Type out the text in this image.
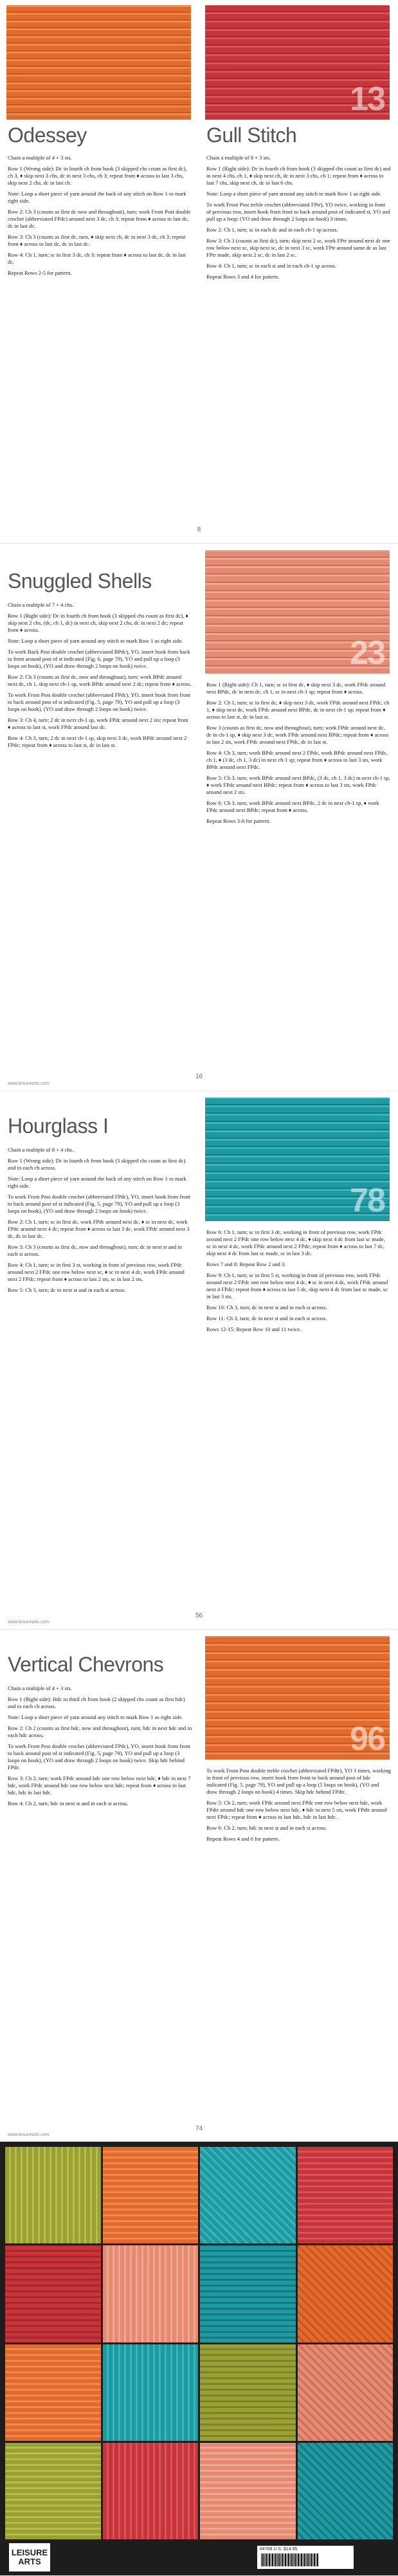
13
Odessey	Gull Stitch

Chain a multiple of 4 + 3 sts.

Row 1 (Wrong side): Dc in fourth ch from hook (3 skipped chs count as first dc), ch 3, ♦ skip next 3 chs, dc in next 3 chs, ch 3; repeat from ♦ across to last 3 chs, skip next 2 chs, dc in last ch.

Note: Loop a short piece of yarn around the back of any stitch on Row 1 to mark right side.

Row 2: Ch 3 (counts as first dc now and throughout), turn; work Front Post double crochet (abbreviated FPdc) around next 3 dc, ch 3; repeat from ♦ across to last dc, dc in last dc.

Row 3: Ch 3 (counts as first dc, turn, ♦ skip next ch, dc in next 3 dc, ch 3; repeat from ♦ across to last dc, dc in last dc.

Row 4: Ch 1, turn; sc in first 3 dc, ch 3; repeat from ♦ across to last dc, dc in last dc.

Repeat Rows 2-5 for pattern.

Chain a multiple of 8 + 3 sts.

Row 1 (Right side): Dc in fourth ch from hook (3 skipped chs count as first dc) and in next 4 chs, ch 1, ♦ skip next ch, dc in next 3 chs, ch 1; repeat from ♦ across to last 7 chs, skip next ch, dc in last 6 chs.

Note: Loop a short piece of yarn around any stitch to mark Row 1 as right side.

To work Front Post treble crochet (abbreviated FPtr), YO twice, working in front of previous row, insert hook from front to back around post of indicated st, YO and pull up a loop; (YO and draw through 2 loops on hook) 3 times.

Row 2: Ch 1, turn; sc in each dc and in each ch-1 sp across.

Row 3: Ch 3 (counts as first dc), turn; skip next 2 sc, work FPtr around next dc one row below next sc, skip next sc, dc in next 3 sc, work FPtr around same dc as last FPtr made, skip next 2 sc, dc in last 2 sc.

Row 4: Ch 1, turn; sc in each st and in each ch-1 sp across.

Repeat Rows 3 and 4 for pattern.

8
23
Snuggled Shells

Chain a multiple of 7 + 4 chs.

Row 1 (Right side): Dc in fourth ch from hook (3 skipped chs count as first dc), ♦ skip next 2 chs, (dc, ch 1, dc) in next ch, skip next 2 chs, dc in next 2 dc; repeat from ♦ across.

Note: Loop a short piece of yarn around any stitch to mark Row 1 as right side.

To work Back Post double crochet (abbreviated BPdc), YO, insert hook from back to front around post of st indicated (Fig. 6, page 79), YO and pull up a loop (3 loops on hook), (YO and draw through 2 loops on hook) twice.

Row 2: Ch 3 (counts as first dc, now and throughout), turn; work BPdc around next dc, ch 1, skip next ch-1 sp, work BPdc around next 2 dc; repeat from ♦ across.

To work Front Post double crochet (abbreviated FPdc), YO, insert hook from front to back around post of st indicated (Fig. 5, page 79), YO and pull up a loop (3 loops on hook), (YO and draw through 2 loops on hook) twice.

Row 3: Ch 4, turn; 2 dc in next ch-1 sp, work FPdc around next 2 sts; repeat from ♦ across to last st, work FPdc around last dc.

Row 4: Ch 3, turn; 2 dc in next ch-1 sp, skip next 3 dc, work BPdc around next 2 FPdc; repeat from ♦ across to last st, dc in last st.

Row 1 (Right side): Ch 1, turn; sc in first dc, ♦ skip next 3 dc, work FPdc around next BPdc, dc in next dc, ch 1, sc in next ch-1 sp; repeat from ♦ across.

Row 2: Ch 1, turn; sc in first dc, ♦ skip next 3 dc, work FPdc around next FPdc, ch 1, ♦ skip next dc, work FPdc around next BPdc, dc in next ch-1 sp; repeat from ♦ across to last st, dc in last st.

Row 3 (counts as first dc, now and throughout), turn; work FPdc around next dc, dc in ch-1 sp, ♦ skip next 3 dc, work FPdc around next BPdc; repeat from ♦ across to last 2 sts, work FPdc around next FPdc, dc in last st.

Row 4: Ch 3, turn; work BPdc around next 2 FPdc, work BPdc around next FPdc, ch 1, ♦ (3 dc, ch 1, 3 dc) in next ch-1 sp; repeat from ♦ across to last 3 sts, work BPdc around next FPdc.

Row 5: Ch 3, turn; work BPdc around next BPdc, (3 dc, ch 1, 3 dc) in next ch-1 sp, ♦ work FPdc around next BPdc; repeat from ♦ across to last 3 sts, work FPdc around next 2 sts.

Row 6: Ch 3, turn; work BPdc around next BPdc, 2 dc in next ch-1 sp, ♦ work FPdc around next BPdc; repeat from ♦ across.

Repeat Rows 3-8 for pattern.

16
www.leisurearts.com
78
Hourglass I

Chain a multiple of 8 + 4 chs.

Row 1 (Wrong side): Dc in fourth ch from hook (3 skipped chs count as first dc) and in each ch across.

Note: Loop a short piece of yarn around the back of any stitch on Row 1 to mark right side.

To work Front Post double crochet (abbreviated FPdc), YO, insert hook from front to back around post of st indicated (Fig. 5, page 79), YO and pull up a loop (3 loops on hook), (YO and draw through 2 loops on hook) twice.

Row 2: Ch 1, turn; sc in first dc, work FPdc around next dc, ♦ sc in next dc, work FPdc around next 4 dc; repeat from ♦ across to last 3 dc, work FPdc around next 3 dc, dc in last dc.

Row 3: Ch 3 (counts as first dc, now and throughout), turn; dc in next st and in each st across.

Row 4: Ch 1, turn; sc in first 3 st, working in front of previous row, work FPdc around next 2 FPdc one row below next sc, ♦ sc in next 4 dc, work FPdc around next 2 FPdc; repeat from ♦ across to last 2 sts, sc in last 2 sts.

Row 5: Ch 3, turn; dc in next st and in each st across.

Row 6: Ch 1, turn; sc in first 3 dc, working in front of previous row, work FPdc around next 2 FPdc one row below next 4 dc, ♦ skip next 4 dc from last sc made, sc in next 4 dc, work FPdc around next 2 FPdc; repeat from ♦ across to last 7 dc, skip next 4 dc from last sc made, sc in last 3 dc.

Rows 7 and 8: Repeat Row 2 and 3.

Row 9: Ch 1, turn; sc in first 5 st, working in front of previous row, work FPdc around next 2 FPdc one row below next 4 dc, ♦ sc in next 4 dc, work FPdc around next 4 FPdc; repeat from ♦ across to last 5 dc, skip next 4 dc from last sc made, sc in last 3 sts.

Row 10: Ch 3, turn; dc in next st and in each st across.

Row 11: Ch 3, turn; dc in next st and in each st across.

Rows 12-15: Repeat Row 10 and 11 twice.

56
www.leisurearts.com
96
Vertical Chevrons

Chain a multiple of 4 + 3 sts.

Row 1 (Right side): Hdc in third ch from hook (2 skipped chs count as first hdc) and in each ch across.

Note: Loop a short piece of yarn around any stitch to mark Row 1 as right side.

Row 2: Ch 2 (counts as first hdc, now and throughout), turn; hdc in next hdc and in each hdc across.

To work Front Post double crochet (abbreviated FPdc), YO, insert hook from front to back around post of st indicated (Fig. 5, page 79), YO and pull up a loop (3 loops on hook), (YO and draw through 2 loops on hook) twice. Skip hdc behind FPdc.

Row 3: Ch 2, turn; work FPdc around hdc one row below next hdc, ♦ hdc in next 7 hdc, work FPdc around hdc one row below next hdc; repeat from ♦ across to last hdc, hdc in last hdc.

Row 4: Ch 2, turn; hdc in next st and in each st across.

To work Front Post double treble crochet (abbreviated FPdtr), YO 3 times, working in front of previous row, insert hook from front to back around post of hdc indicated (Fig. 5, page 79), YO and pull up a loop (5 loops on hook), (YO and draw through 2 loops on hook) 4 times. Skip hdc behind FPdtr.

Row 5: Ch 2, turn; work FPdc around next FPdc one row below next hdc, work FPdtr around hdc one row below next hdc, ♦ hdc in next 5 sts, work FPdtr around next FPdc; repeat from ♦ across to last hdc, hdc in last hdc.

Row 6: Ch 2, turn; hdc in next st and in each st across.

Repeat Rows 4 and 6 for pattern.

74
www.leisurearts.com
LEISURE
ARTS
#4768 U.S. $14.95
